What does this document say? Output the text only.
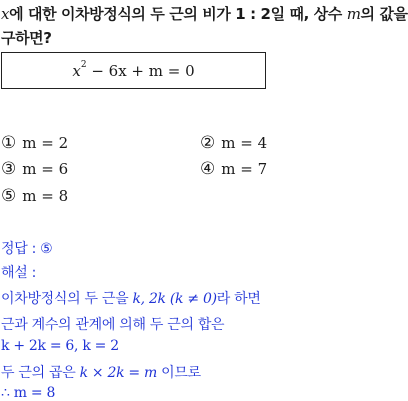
x에 대한 이차방정식의 두 근의 비가 1 : 2일 때, 상수 m의 값을
구하면?
$x^2 - 6x + m = 0$
① m = 2	② m = 4
③ m = 6	④ m = 7
⑤ m = 8
정답 : ⑤
해설 :
이차방정식의 두 근을 k, 2k (k ≠ 0)라 하면
근과 계수의 관계에 의해 두 근의 합은
k + 2k = 6, k = 2
두 근의 곱은 k × 2k = m 이므로
∴ m = 8
